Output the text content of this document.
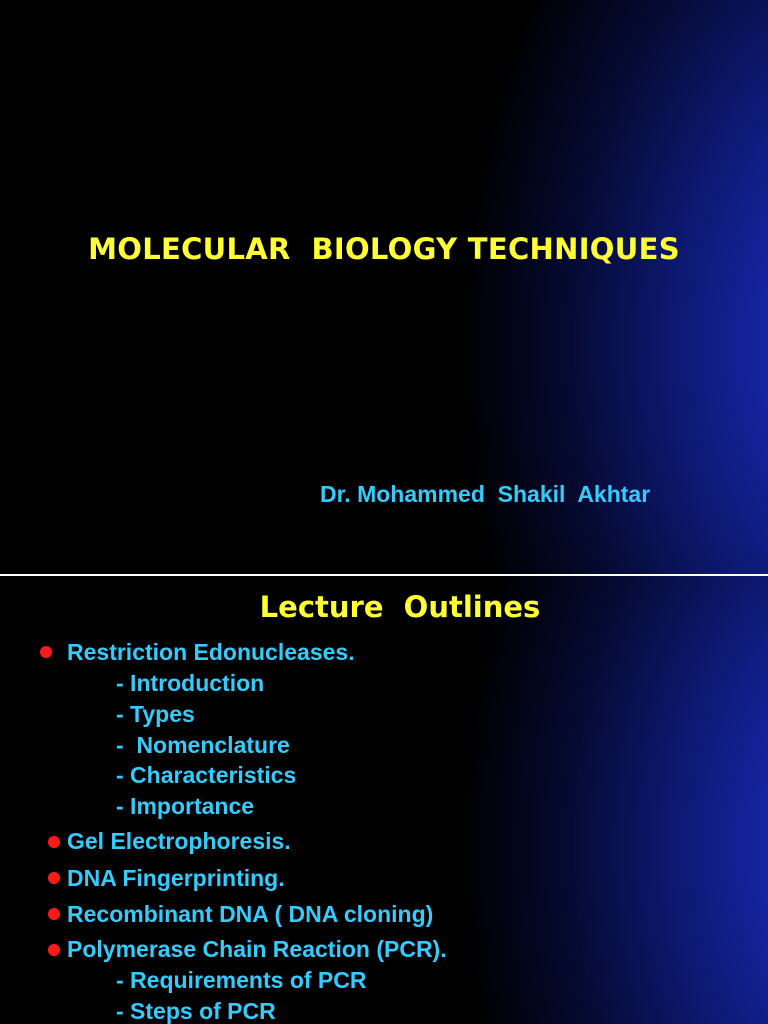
MOLECULAR  BIOLOGY TECHNIQUES
Dr. Mohammed  Shakil  Akhtar
Lecture  Outlines
Restriction Edonucleases.
- Introduction
- Types
-  Nomenclature
- Characteristics
- Importance
Gel Electrophoresis.
DNA Fingerprinting.
Recombinant DNA ( DNA cloning)
Polymerase Chain Reaction (PCR).
- Requirements of PCR
- Steps of PCR
